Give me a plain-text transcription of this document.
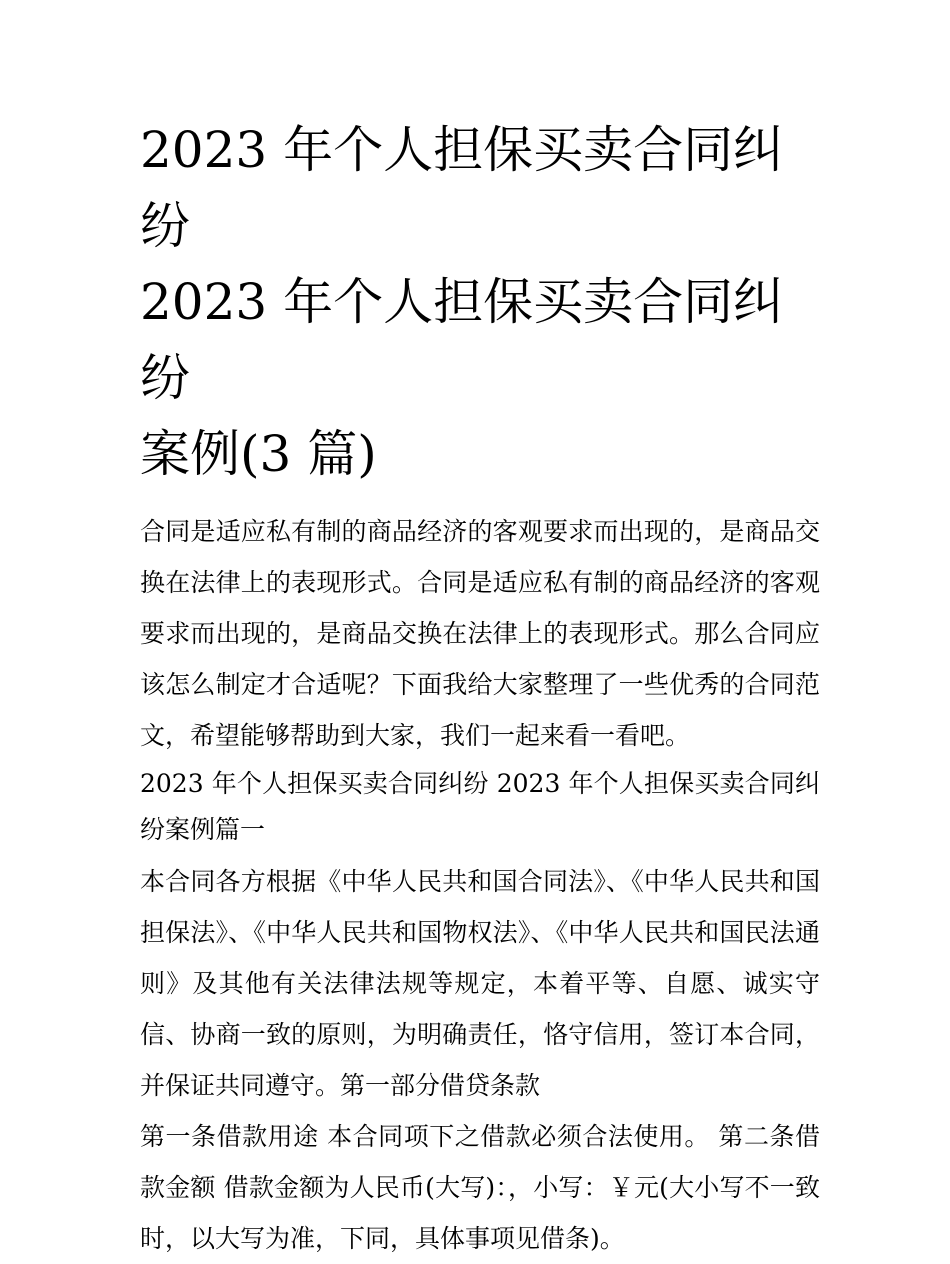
2023 年个人担保买卖合同纠纷
2023 年个人担保买卖合同纠纷
案例(3 篇)

合同是适应私有制的商品经济的客观要求而出现的，是商品交换在法律上的表现形式。合同是适应私有制的商品经济的客观要求而出现的，是商品交换在法律上的表现形式。那么合同应该怎么制定才合适呢？下面我给大家整理了一些优秀的合同范文，希望能够帮助到大家，我们一起来看一看吧。

2023 年个人担保买卖合同纠纷 2023 年个人担保买卖合同纠纷案例篇一

本合同各方根据《中华人民共和国合同法》、《中华人民共和国担保法》、《中华人民共和国物权法》、《中华人民共和国民法通则》及其他有关法律法规等规定，本着平等、自愿、诚实守信、协商一致的原则，为明确责任，恪守信用，签订本合同，并保证共同遵守。第一部分借贷条款

第一条借款用途 本合同项下之借款必须合法使用。 第二条借款金额 借款金额为人民币(大写)：，小写：￥元(大小写不一致时，以大写为准，下同，具体事项见借条)。
